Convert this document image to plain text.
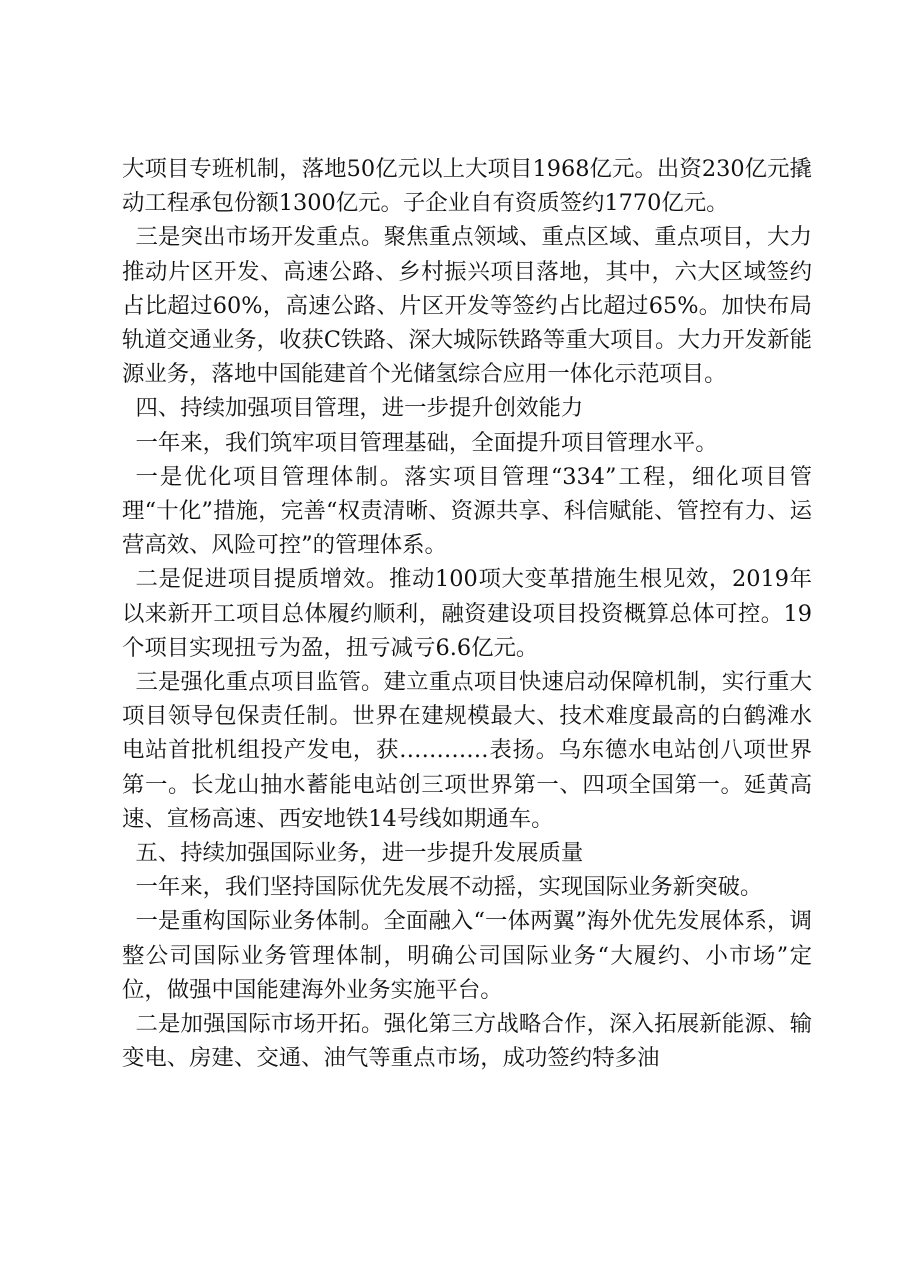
大项目专班机制，落地50亿元以上大项目1968亿元。出资230亿元撬动工程承包份额1300亿元。子企业自有资质签约1770亿元。

三是突出市场开发重点。聚焦重点领域、重点区域、重点项目，大力推动片区开发、高速公路、乡村振兴项目落地，其中，六大区域签约占比超过60%，高速公路、片区开发等签约占比超过65%。加快布局轨道交通业务，收获C铁路、深大城际铁路等重大项目。大力开发新能源业务，落地中国能建首个光储氢综合应用一体化示范项目。

四、持续加强项目管理，进一步提升创效能力

一年来，我们筑牢项目管理基础，全面提升项目管理水平。

一是优化项目管理体制。落实项目管理“334”工程，细化项目管理“十化”措施，完善“权责清晰、资源共享、科信赋能、管控有力、运营高效、风险可控”的管理体系。

二是促进项目提质增效。推动100项大变革措施生根见效，2019年以来新开工项目总体履约顺利，融资建设项目投资概算总体可控。19个项目实现扭亏为盈，扭亏减亏6.6亿元。

三是强化重点项目监管。建立重点项目快速启动保障机制，实行重大项目领导包保责任制。世界在建规模最大、技术难度最高的白鹤滩水电站首批机组投产发电，获…………表扬。乌东德水电站创八项世界第一。长龙山抽水蓄能电站创三项世界第一、四项全国第一。延黄高速、宣杨高速、西安地铁14号线如期通车。

五、持续加强国际业务，进一步提升发展质量

一年来，我们坚持国际优先发展不动摇，实现国际业务新突破。

一是重构国际业务体制。全面融入“一体两翼”海外优先发展体系，调整公司国际业务管理体制，明确公司国际业务“大履约、小市场”定位，做强中国能建海外业务实施平台。

二是加强国际市场开拓。强化第三方战略合作，深入拓展新能源、输变电、房建、交通、油气等重点市场，成功签约特多油
